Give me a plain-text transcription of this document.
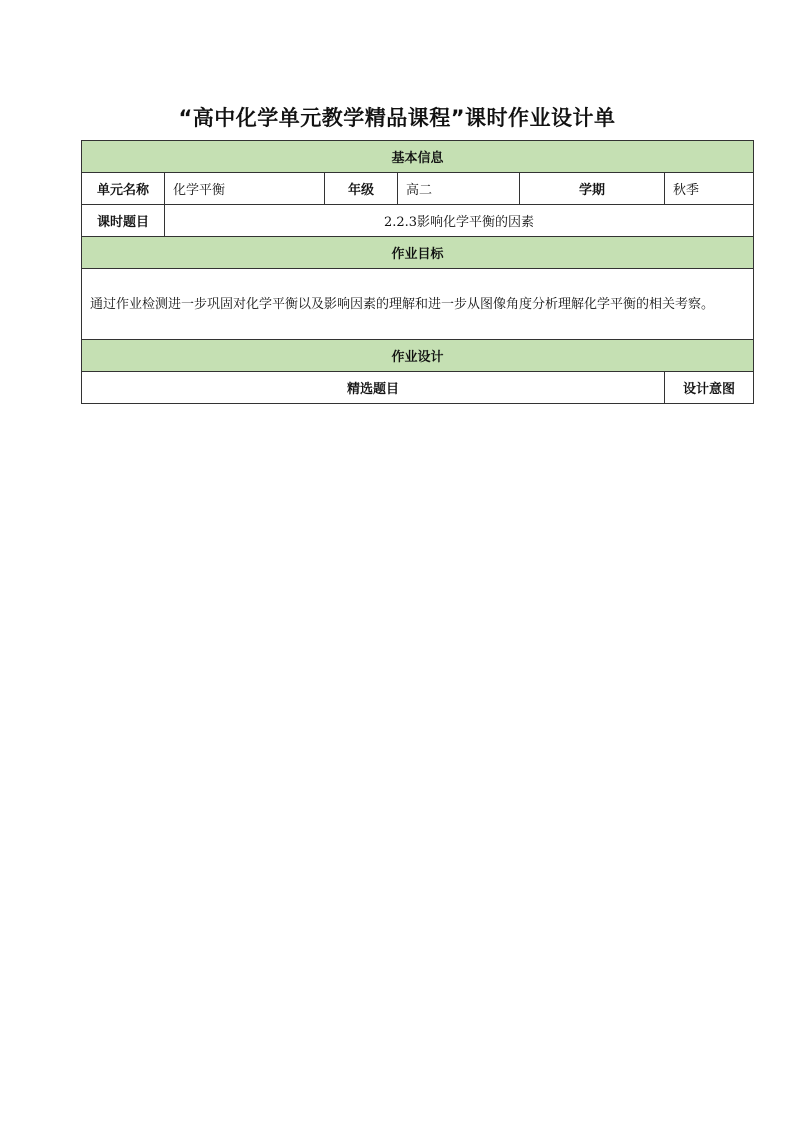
“高中化学单元教学精品课程”课时作业设计单
基本信息					
单元名称	化学平衡	年级	高二	学期	秋季
课时题目	2.2.3影响化学平衡的因素				
作业目标					
通过作业检测进一步巩固对化学平衡以及影响因素的理解和进一步从图像角度分析理解化学平衡的相关考察。					
作业设计					
精选题目					设计意图
